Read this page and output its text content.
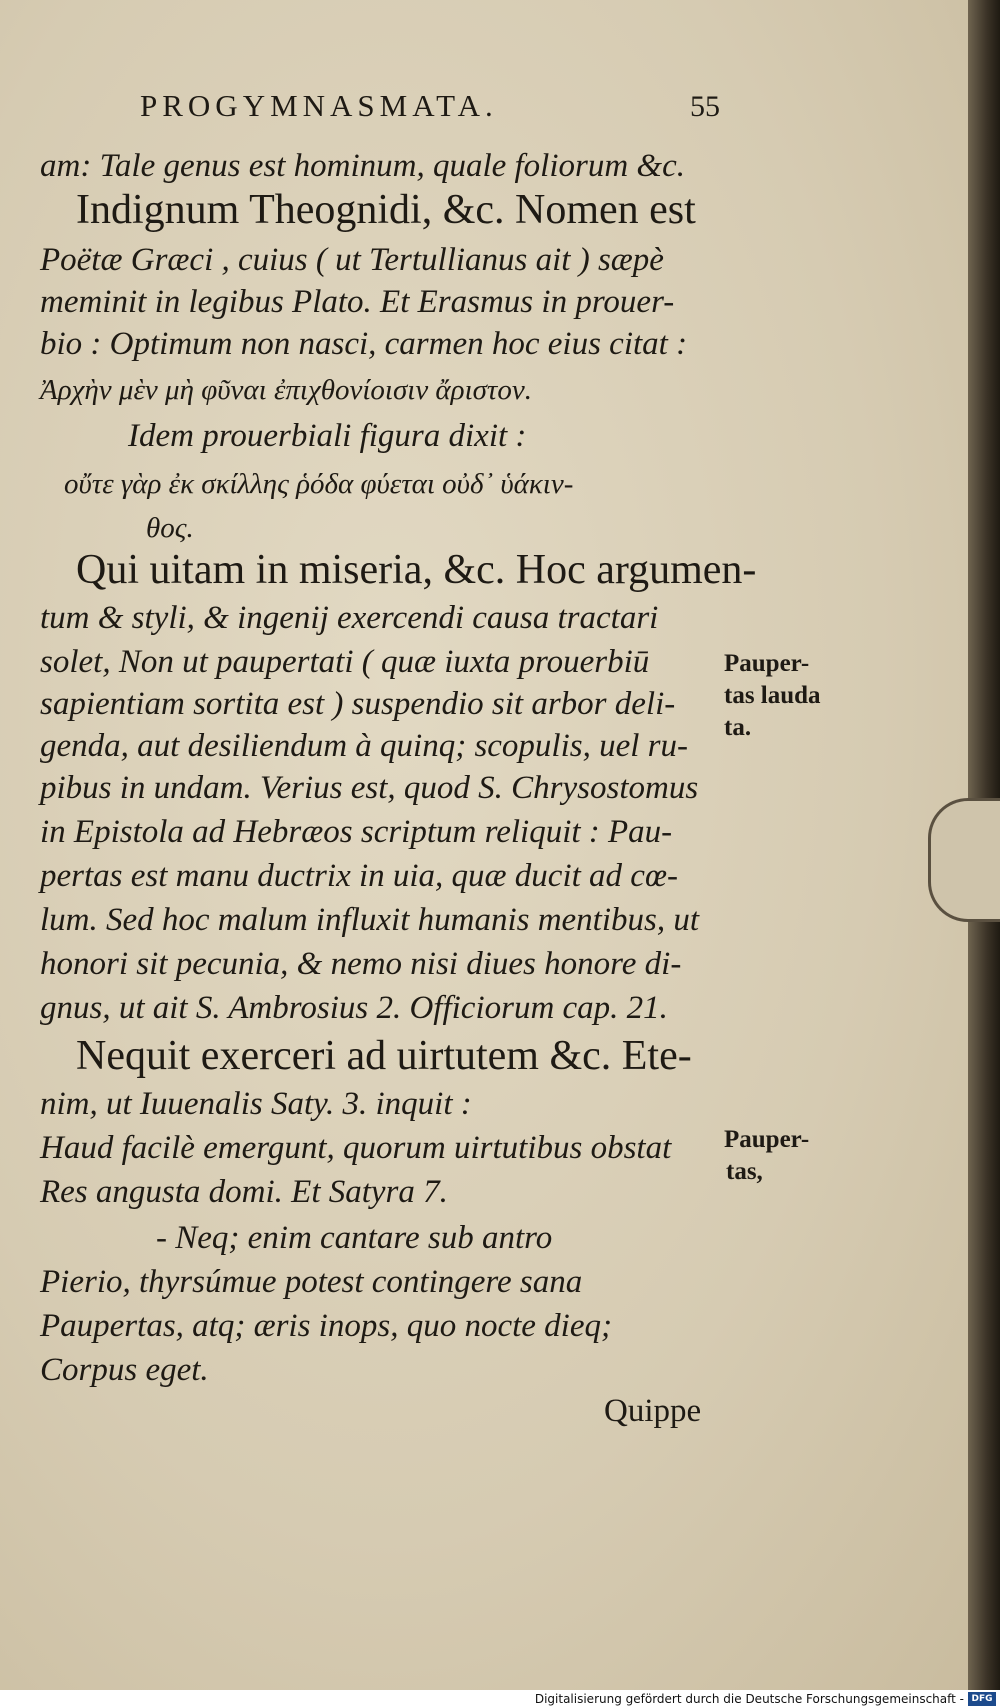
PROGYMNASMATA.	55
am: Tale genus est hominum, quale foliorum &c.
Indignum Theognidi, &c. Nomen est
Poëtæ Græci , cuius ( ut Tertullianus ait ) sæpè
meminit in legibus Plato. Et Erasmus in prouer-
bio : Optimum non nasci, carmen hoc eius citat :
Ἀρχὴν μὲν μὴ φῦναι ἐπιχθονίοισιν ἄριστον.
Idem prouerbiali figura dixit :
οὔτε γὰρ ἐκ σκίλλης ῥόδα φύεται οὐδ᾽ ὑάκιν-
θος.
Qui uitam in miseria, &c. Hoc argumen-
tum & styli, & ingenij exercendi causa tractari
solet, Non ut paupertati ( quæ iuxta prouerbiū
sapientiam sortita est ) suspendio sit arbor deli-
genda, aut desiliendum à quinq; scopulis, uel ru-
pibus in undam. Verius est, quod S. Chrysostomus
in Epistola ad Hebræos scriptum reliquit : Pau-
pertas est manu ductrix in uia, quæ ducit ad cœ-
lum. Sed hoc malum influxit humanis mentibus, ut
honori sit pecunia, & nemo nisi diues honore di-
gnus, ut ait S. Ambrosius 2. Officiorum cap. 21.
Nequit exerceri ad uirtutem &c. Ete-
nim, ut Iuuenalis Saty. 3. inquit :
Haud facilè emergunt, quorum uirtutibus obstat
Res angusta domi. Et Satyra 7.
- Neq; enim cantare sub antro
Pierio, thyrsúmue potest contingere sana
Paupertas, atq; æris inops, quo nocte dieq;
Corpus eget.
Pauper-
tas lauda
ta.
Pauper-
tas,
Quippe
Digitalisierung gefördert durch die Deutsche Forschungsgemeinschaft - DFG
